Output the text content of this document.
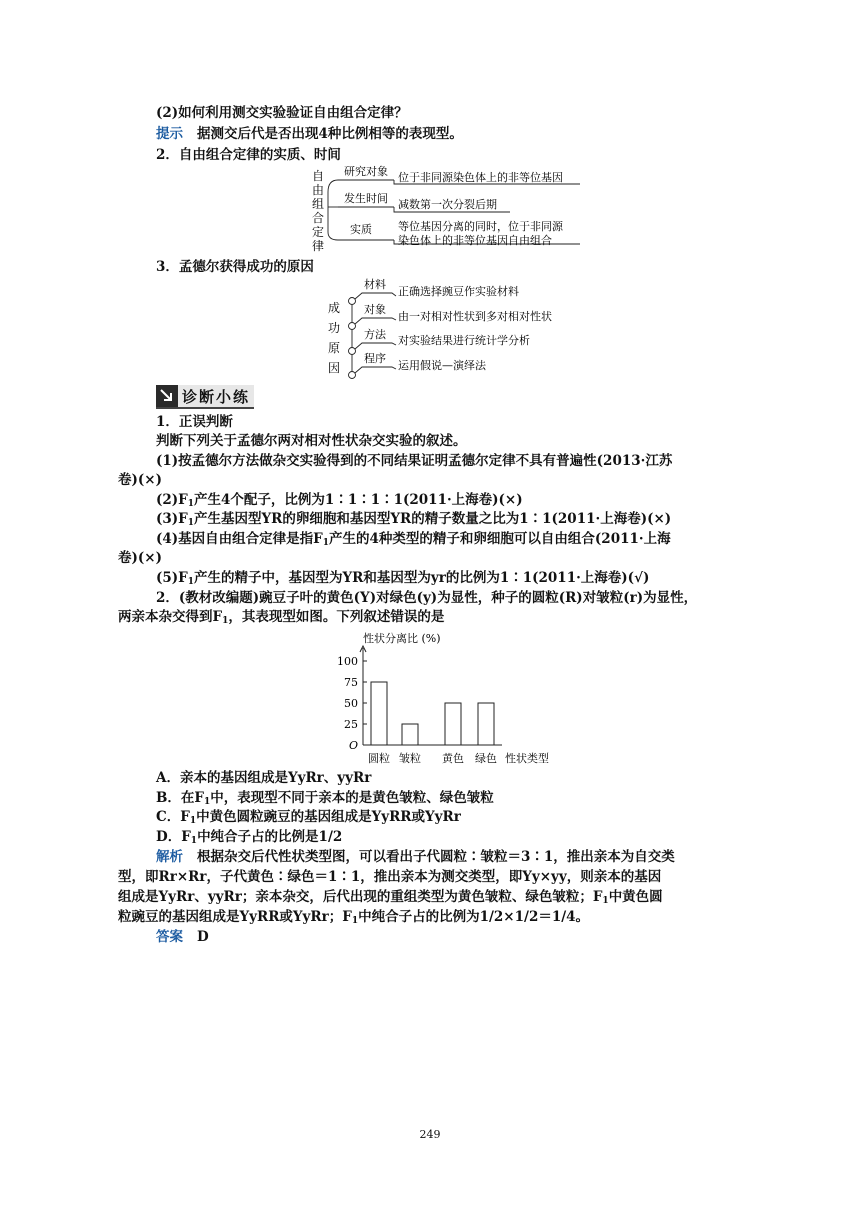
(2)如何利用测交实验验证自由组合定律？
提示 据测交后代是否出现4种比例相等的表现型。
2．自由组合定律的实质、时间
自
由
组
合
定
律
研究对象
发生时间
实质
位于非同源染色体上的非等位基因
减数第一次分裂后期
等位基因分离的同时，位于非同源
染色体上的非等位基因自由组合
3．孟德尔获得成功的原因
成
功
原
因
材料
对象
方法
程序
正确选择豌豆作实验材料
由一对相对性状到多对相对性状
对实验结果进行统计学分析
运用假说—演绎法
诊断小练
1．正误判断
判断下列关于孟德尔两对相对性状杂交实验的叙述。
(1)按孟德尔方法做杂交实验得到的不同结果证明孟德尔定律不具有普遍性(2013·江苏
卷)(×)
$(2)F_1$产生4个配子，比例为1∶1∶1∶1(2011·上海卷)(×)
$(3)F_1$产生基因型YR的卵细胞和基因型YR的精子数量之比为1∶1(2011·上海卷)(×)
(4)基因自由组合定律是指$F_1$产生的4种类型的精子和卵细胞可以自由组合(2011·上海
卷)(×)
$(5)F_1$产生的精子中，基因型为YR和基因型为yr的比例为1∶1(2011·上海卷)(√)
2．(教材改编题)豌豆子叶的黄色(Y)对绿色(y)为显性，种子的圆粒(R)对皱粒(r)为显性，
两亲本杂交得到$F_1$，其表现型如图。下列叙述错误的是
性状分离比 (%)
性状类型
O
25
50
75
100
圆粒 皱粒 黄色 绿色
A．亲本的基因组成是YyRr、yyRr
B．在$F_1$中，表现型不同于亲本的是黄色皱粒、绿色皱粒
C．$F_1$中黄色圆粒豌豆的基因组成是YyRR或YyRr
D．$F_1$中纯合子占的比例是1/2
解析 根据杂交后代性状类型图，可以看出子代圆粒∶皱粒＝3∶1，推出亲本为自交类
型，即Rr×Rr，子代黄色∶绿色＝1∶1，推出亲本为测交类型，即Yy×yy，则亲本的基因
组成是YyRr、yyRr；亲本杂交，后代出现的重组类型为黄色皱粒、绿色皱粒；$F_1$中黄色圆
粒豌豆的基因组成是YyRR或YyRr；$F_1$中纯合子占的比例为1/2×1/2＝1/4。
答案 D
249
